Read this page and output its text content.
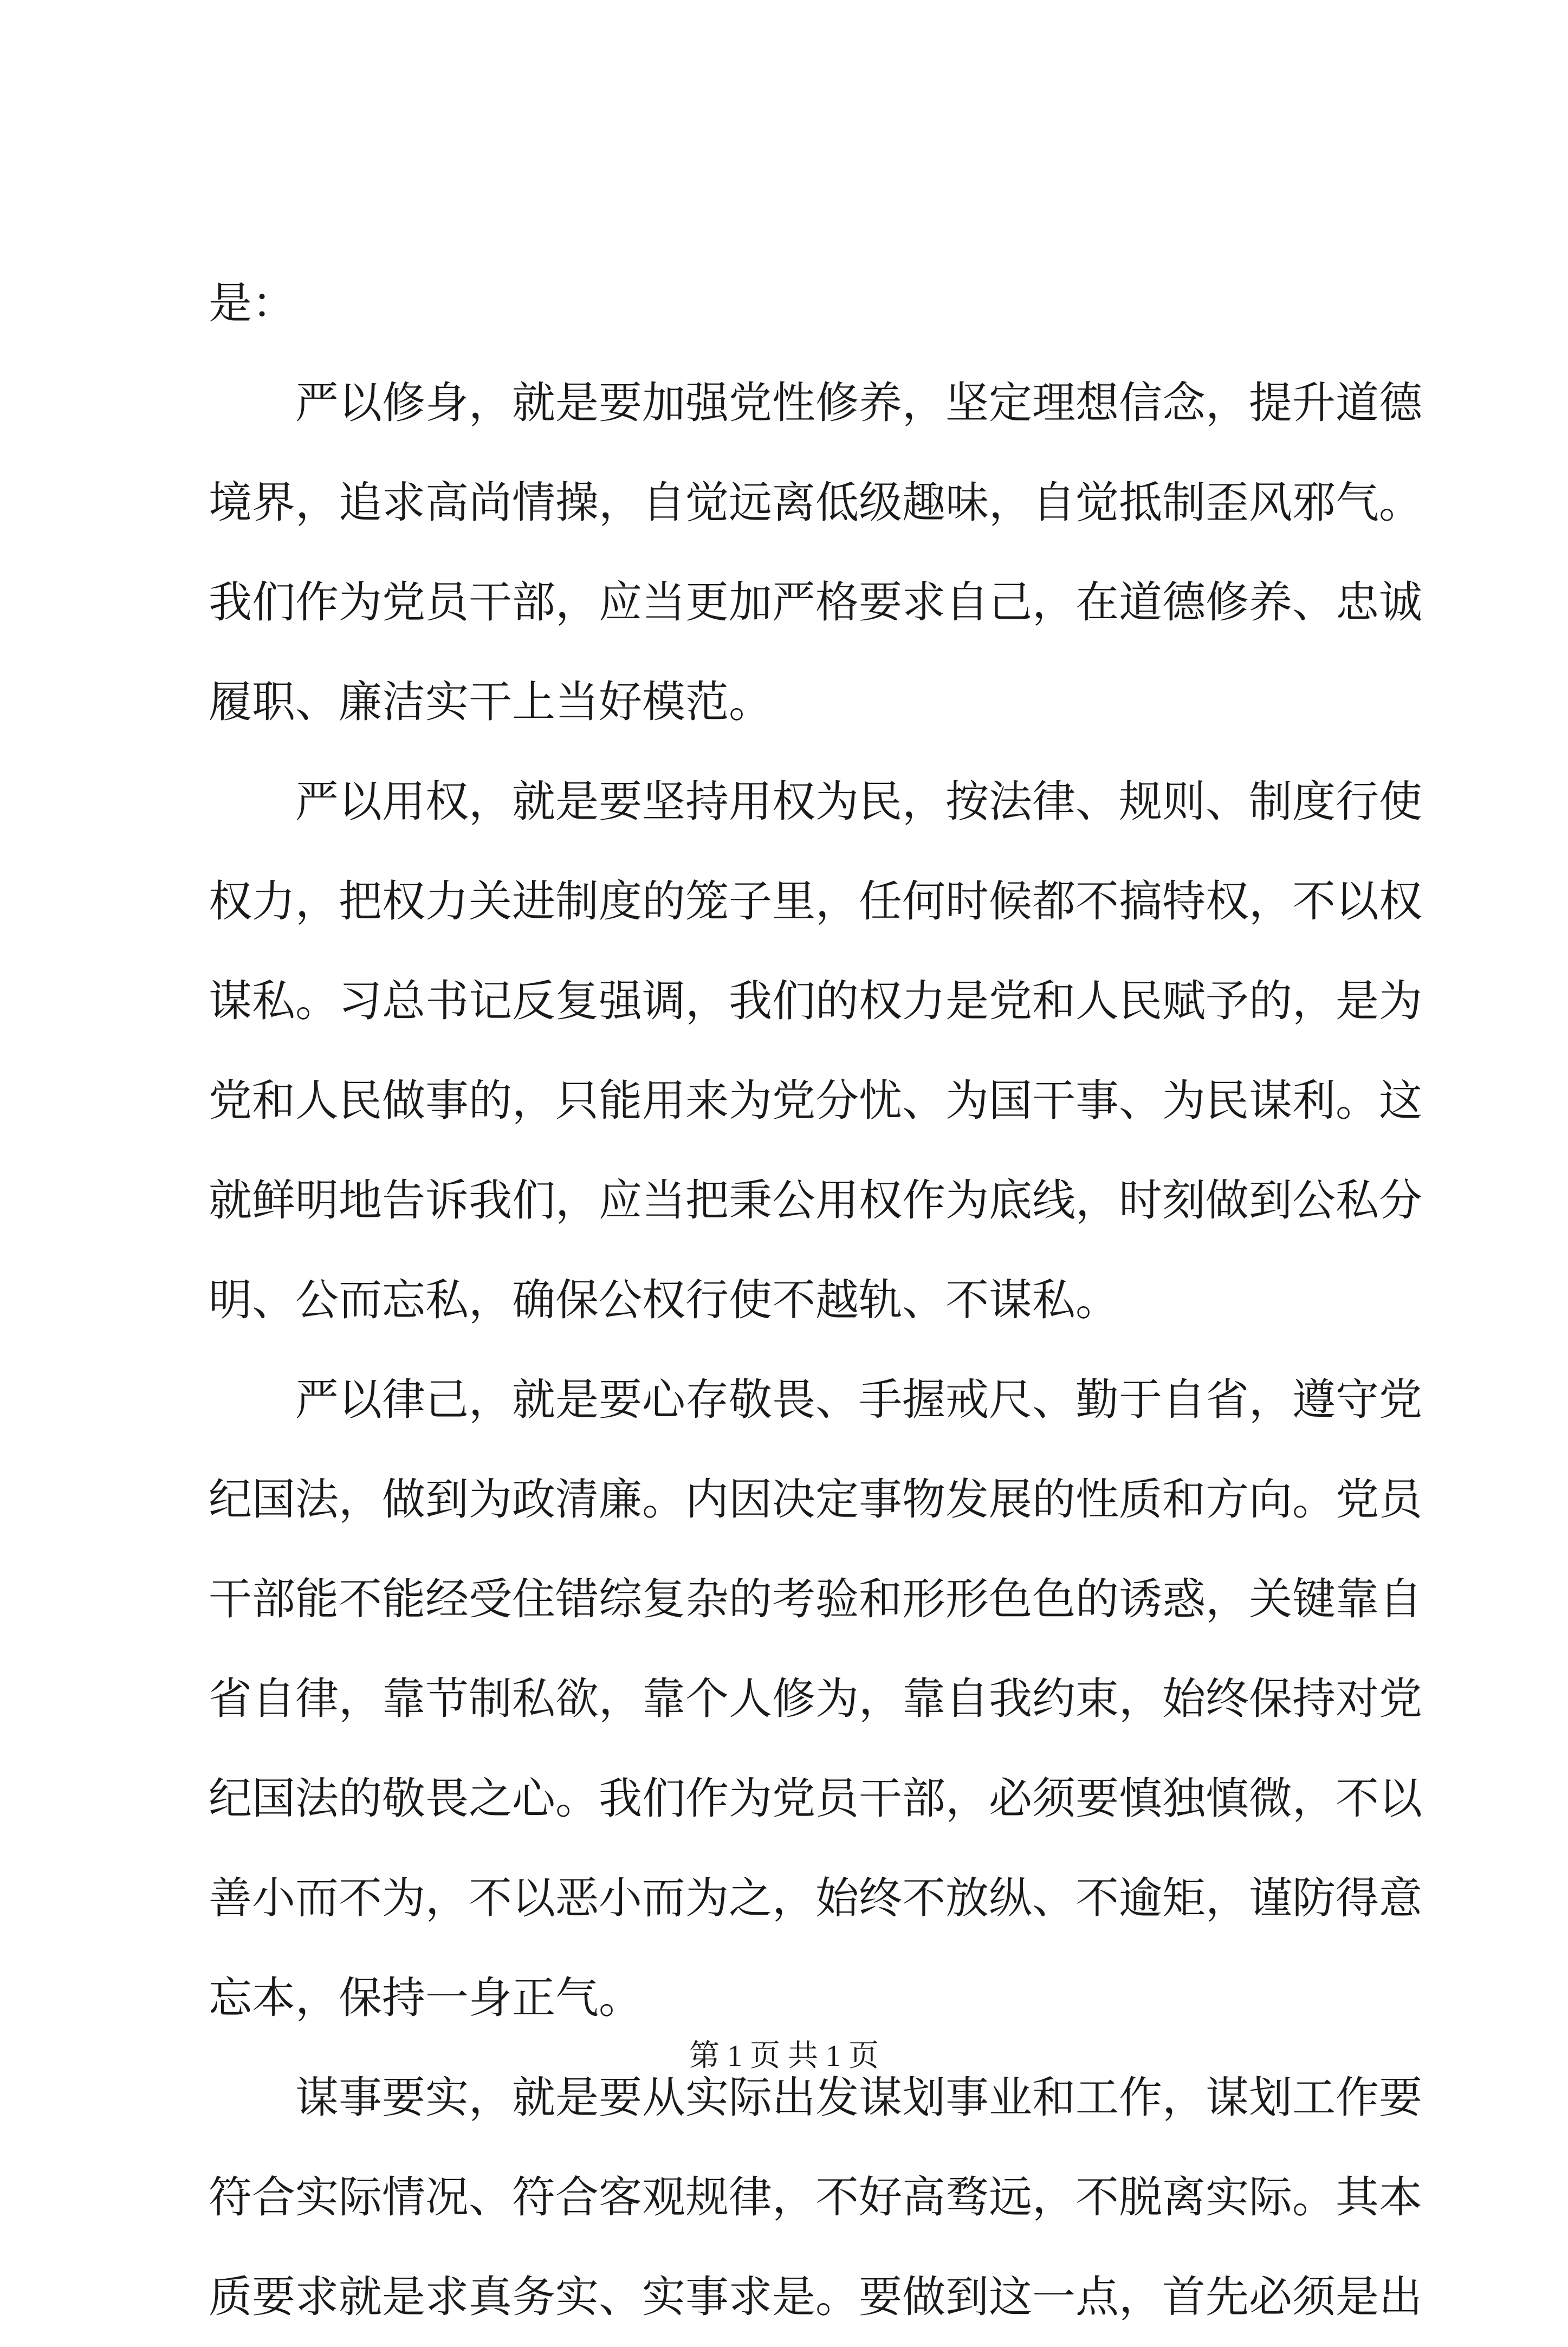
是：
严以修身，就是要加强党性修养，坚定理想信念，提升道德
境界，追求高尚情操，自觉远离低级趣味，自觉抵制歪风邪气。
我们作为党员干部，应当更加严格要求自己，在道德修养、忠诚
履职、廉洁实干上当好模范。
严以用权，就是要坚持用权为民，按法律、规则、制度行使
权力，把权力关进制度的笼子里，任何时候都不搞特权，不以权
谋私。习总书记反复强调，我们的权力是党和人民赋予的，是为
党和人民做事的，只能用来为党分忧、为国干事、为民谋利。这
就鲜明地告诉我们，应当把秉公用权作为底线，时刻做到公私分
明、公而忘私，确保公权行使不越轨、不谋私。
严以律己，就是要心存敬畏、手握戒尺、勤于自省，遵守党
纪国法，做到为政清廉。内因决定事物发展的性质和方向。党员
干部能不能经受住错综复杂的考验和形形色色的诱惑，关键靠自
省自律，靠节制私欲，靠个人修为，靠自我约束，始终保持对党
纪国法的敬畏之心。我们作为党员干部，必须要慎独慎微，不以
善小而不为，不以恶小而为之，始终不放纵、不逾矩，谨防得意
忘本，保持一身正气。
谋事要实，就是要从实际出发谋划事业和工作，谋划工作要
符合实际情况、符合客观规律，不好高骛远，不脱离实际。其本
质要求就是求真务实、实事求是。要做到这一点，首先必须是出
第 1 页 共 1 页
